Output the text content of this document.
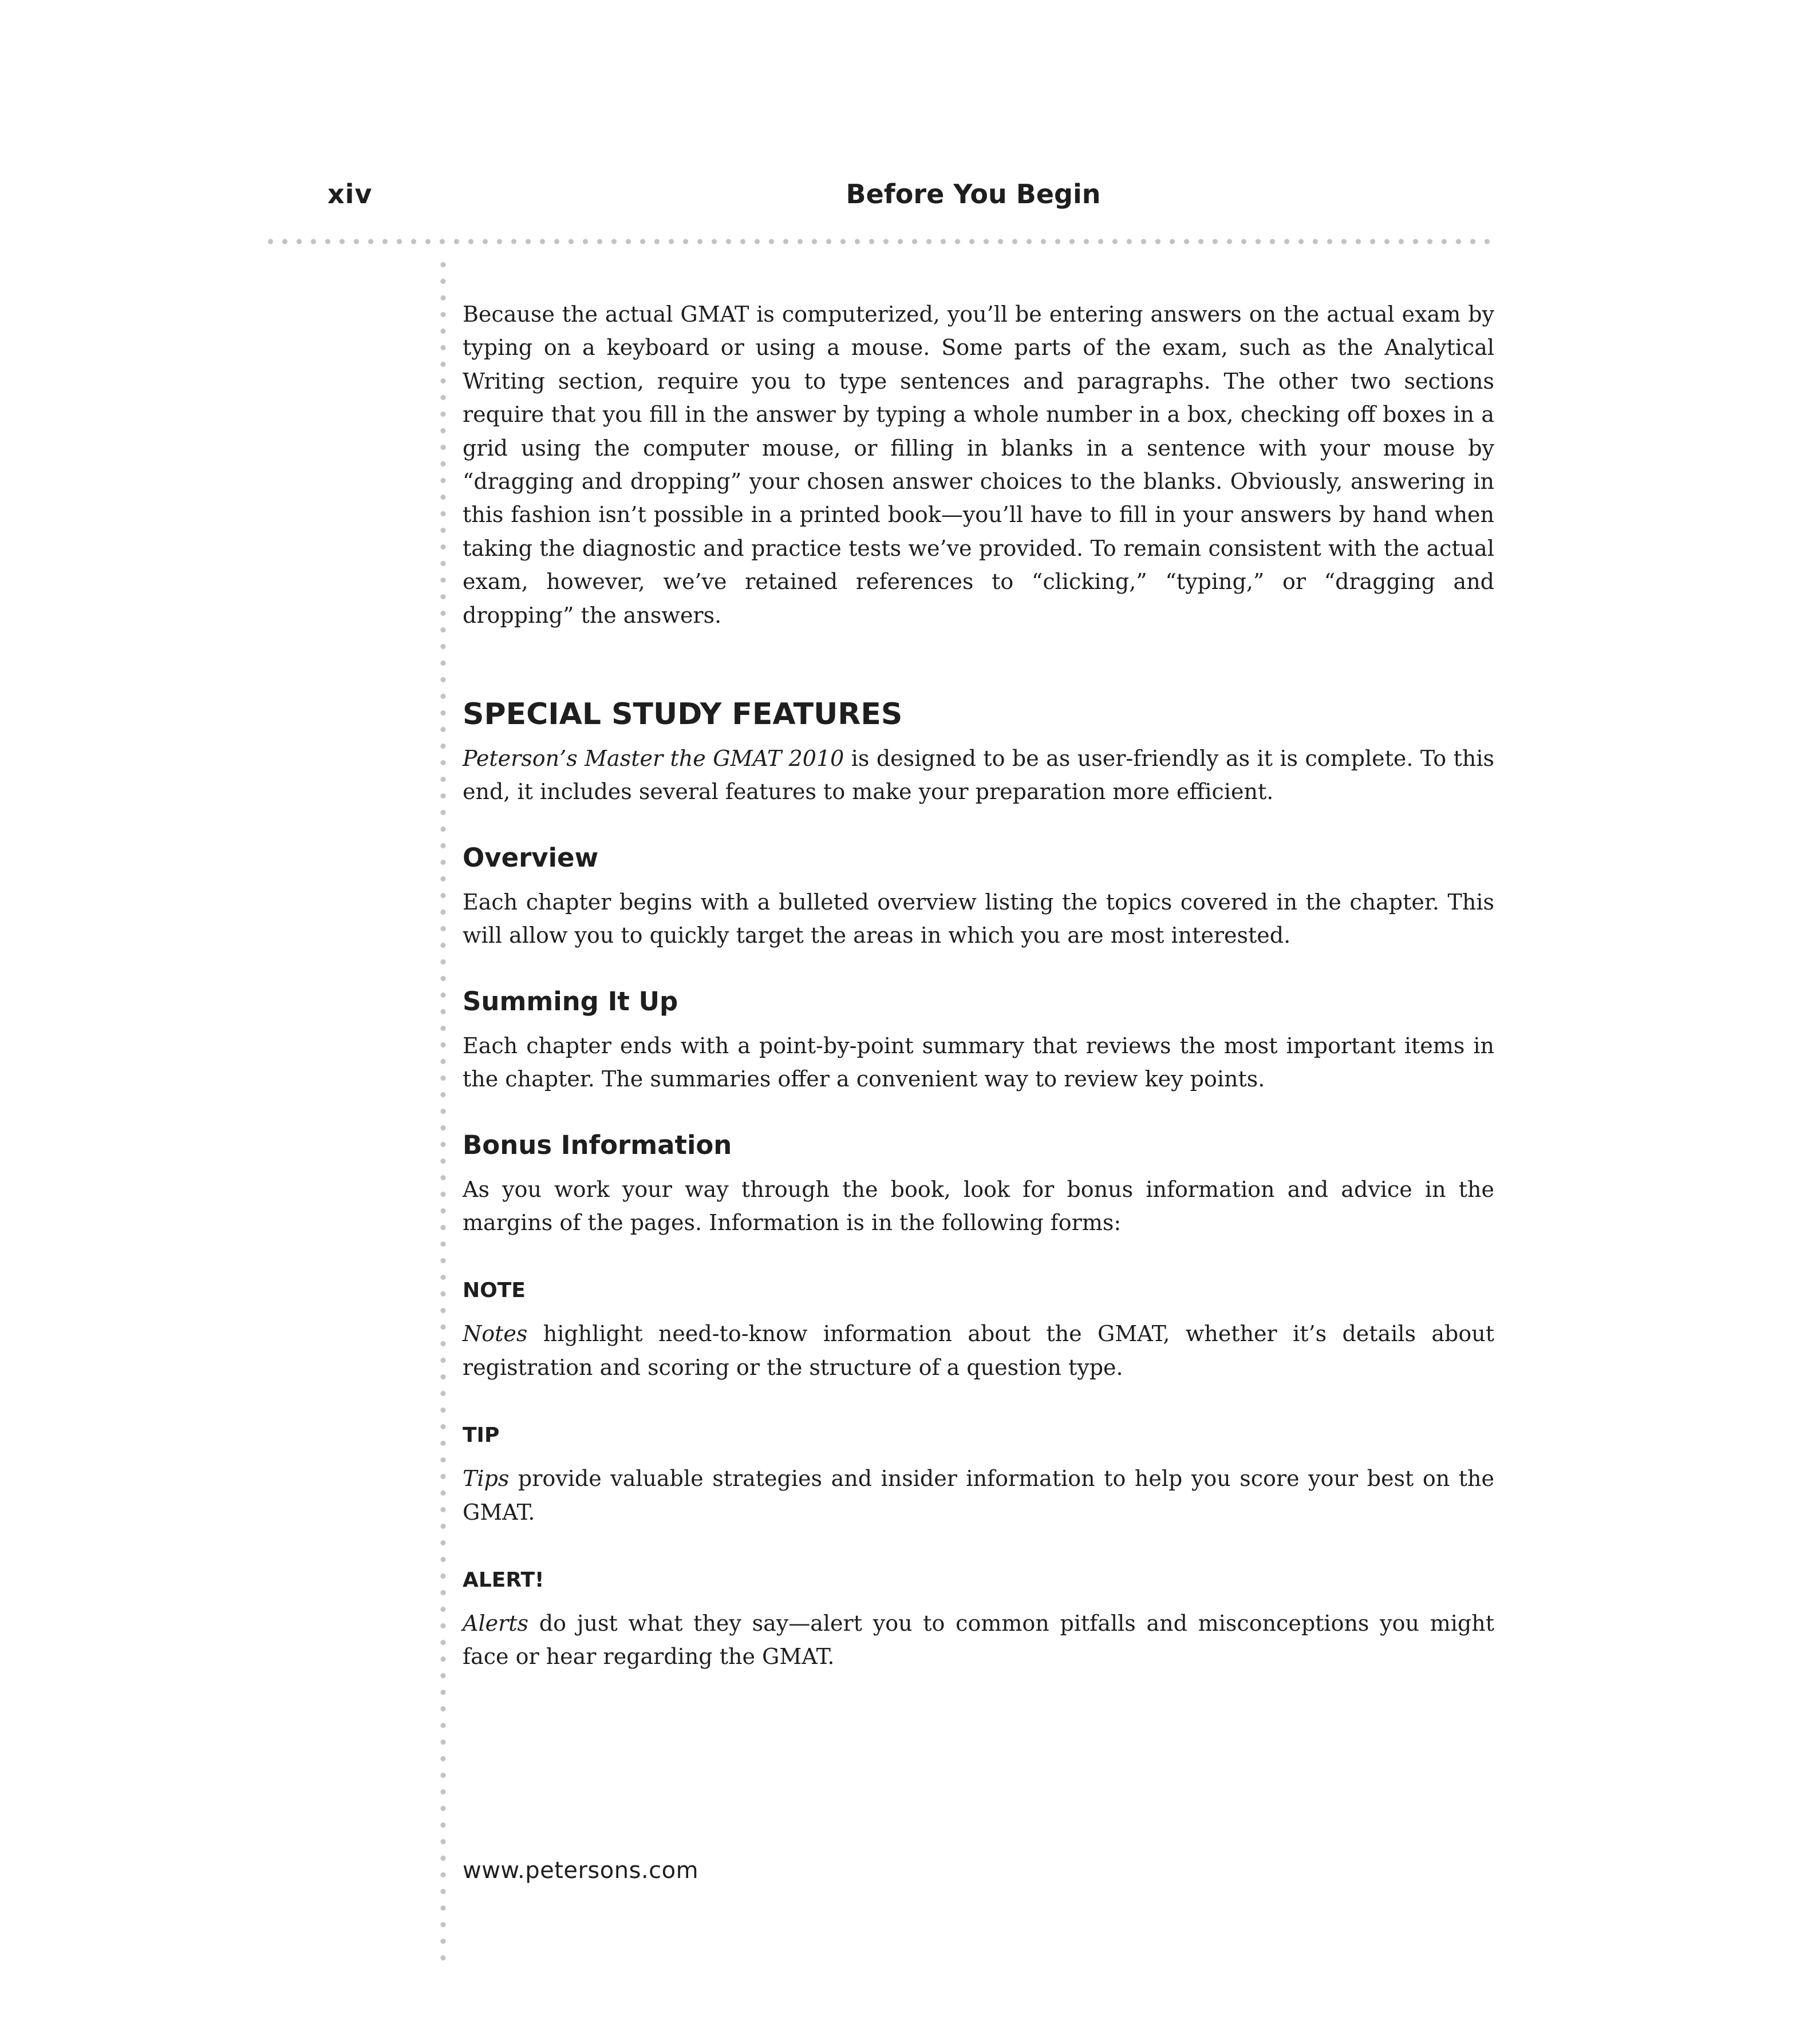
xiv	Before You Begin

Because the actual GMAT is computerized, you’ll be entering answers on the actual exam by typing on a keyboard or using a mouse. Some parts of the exam, such as the Analytical Writing section, require you to type sentences and paragraphs. The other two sections require that you fill in the answer by typing a whole number in a box, checking off boxes in a grid using the computer mouse, or filling in blanks in a sentence with your mouse by “dragging and dropping” your chosen answer choices to the blanks. Obviously, answering in this fashion isn’t possible in a printed book—you’ll have to fill in your answers by hand when taking the diagnostic and practice tests we’ve provided. To remain consistent with the actual exam, however, we’ve retained references to “clicking,” “typing,” or “dragging and dropping” the answers.

SPECIAL STUDY FEATURES

Peterson’s Master the GMAT 2010 is designed to be as user-friendly as it is complete. To this end, it includes several features to make your preparation more efficient.

Overview

Each chapter begins with a bulleted overview listing the topics covered in the chapter. This will allow you to quickly target the areas in which you are most interested.

Summing It Up

Each chapter ends with a point-by-point summary that reviews the most important items in the chapter. The summaries offer a convenient way to review key points.

Bonus Information

As you work your way through the book, look for bonus information and advice in the margins of the pages. Information is in the following forms:

NOTE

Notes highlight need-to-know information about the GMAT, whether it’s details about registration and scoring or the structure of a question type.

TIP

Tips provide valuable strategies and insider information to help you score your best on the GMAT.

ALERT!

Alerts do just what they say—alert you to common pitfalls and misconceptions you might face or hear regarding the GMAT.

www.petersons.com
